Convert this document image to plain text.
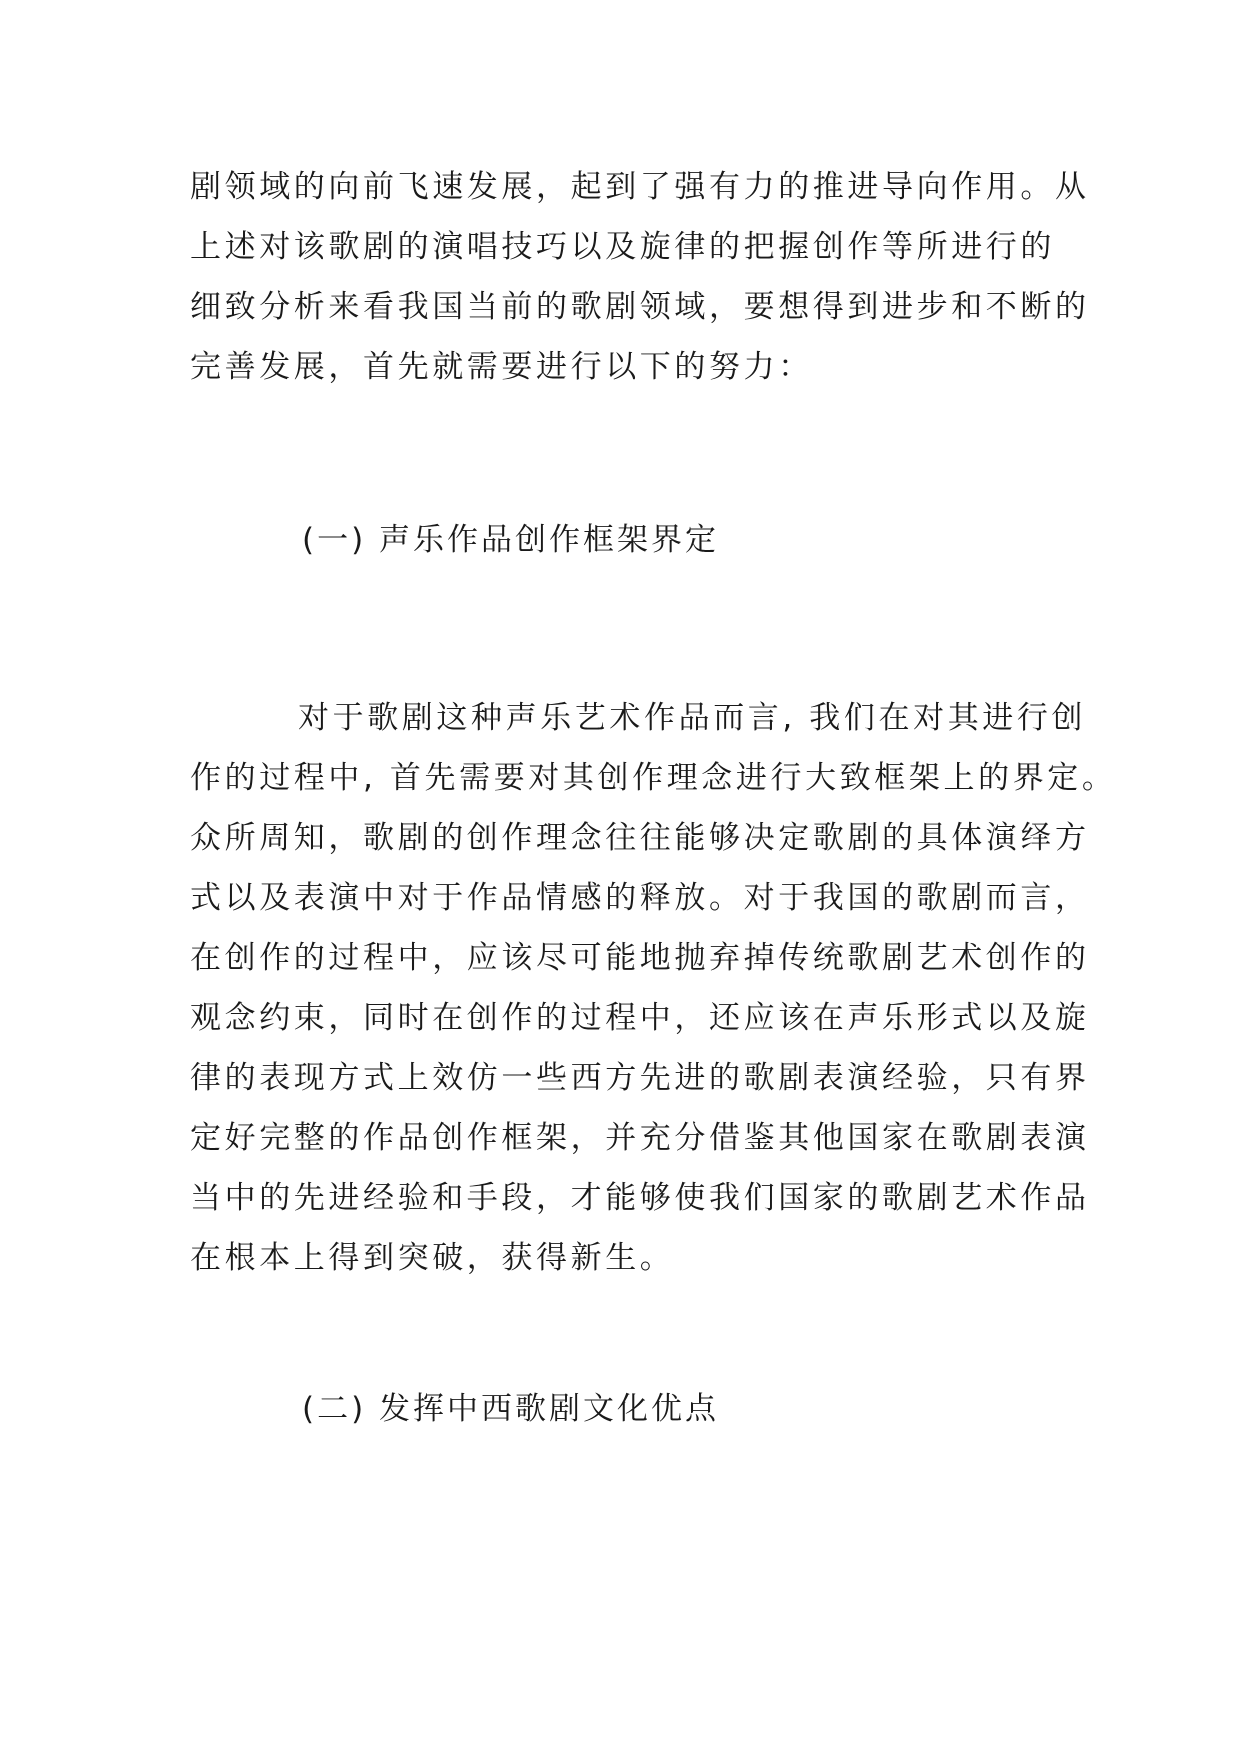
剧领域的向前飞速发展，起到了强有力的推进导向作用。从
上述对该歌剧的演唱技巧以及旋律的把握创作等所进行的
细致分析来看我国当前的歌剧领域，要想得到进步和不断的
完善发展，首先就需要进行以下的努力：
(一) 声乐作品创作框架界定
对于歌剧这种声乐艺术作品而言, 我们在对其进行创
作的过程中, 首先需要对其创作理念进行大致框架上的界定。
众所周知，歌剧的创作理念往往能够决定歌剧的具体演绎方
式以及表演中对于作品情感的释放。对于我国的歌剧而言，
在创作的过程中，应该尽可能地抛弃掉传统歌剧艺术创作的
观念约束，同时在创作的过程中，还应该在声乐形式以及旋
律的表现方式上效仿一些西方先进的歌剧表演经验，只有界
定好完整的作品创作框架，并充分借鉴其他国家在歌剧表演
当中的先进经验和手段，才能够使我们国家的歌剧艺术作品
在根本上得到突破，获得新生。
(二) 发挥中西歌剧文化优点
